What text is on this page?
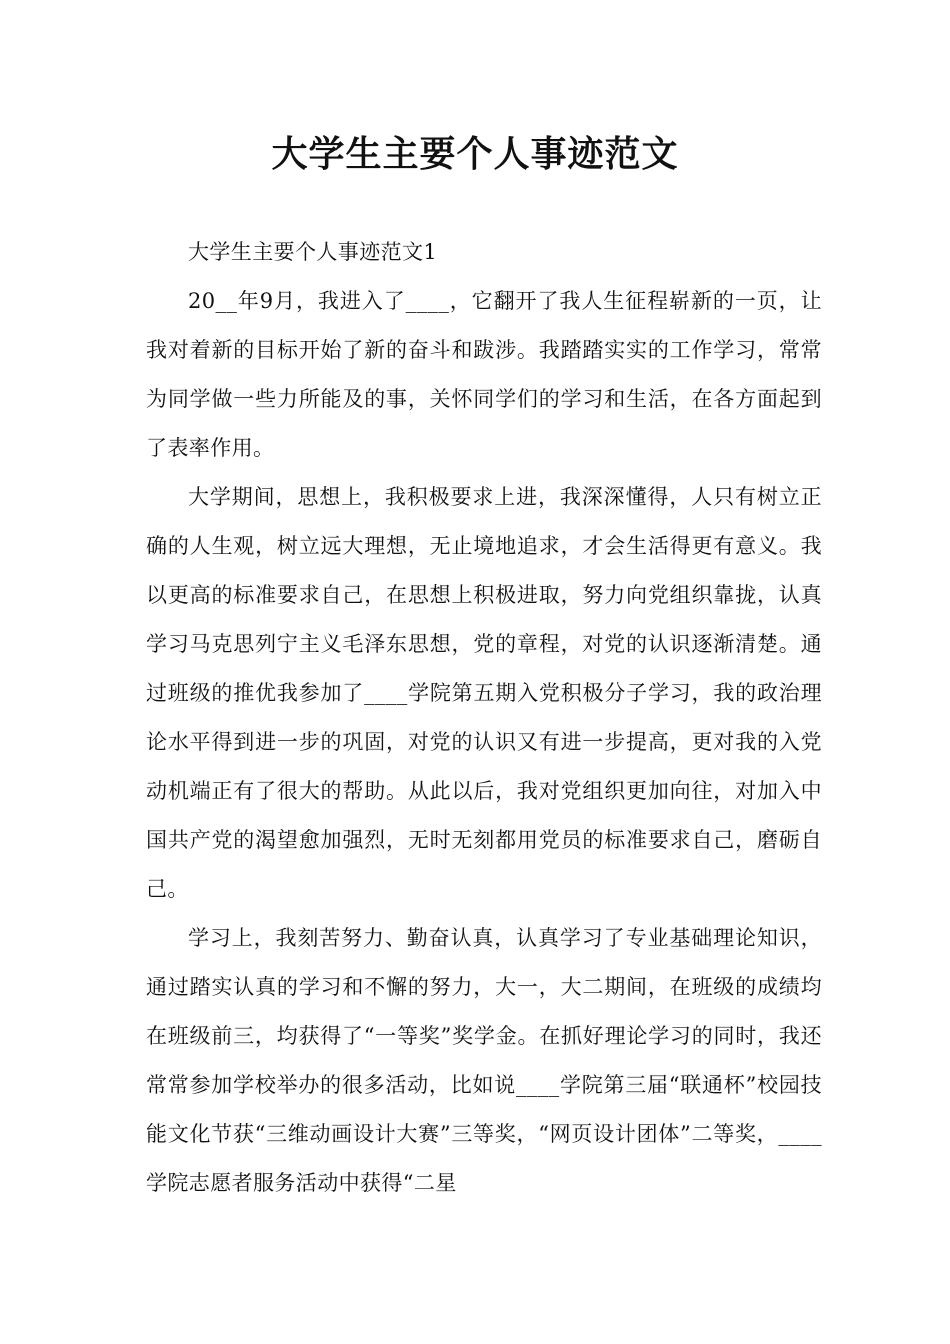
大学生主要个人事迹范文

大学生主要个人事迹范文1

20__年9月，我进入了____，它翻开了我人生征程崭新的一页，让我对着新的目标开始了新的奋斗和跋涉。我踏踏实实的工作学习，常常为同学做一些力所能及的事，关怀同学们的学习和生活，在各方面起到了表率作用。

大学期间，思想上，我积极要求上进，我深深懂得，人只有树立正确的人生观，树立远大理想，无止境地追求，才会生活得更有意义。我以更高的标准要求自己，在思想上积极进取，努力向党组织靠拢，认真学习马克思列宁主义毛泽东思想，党的章程，对党的认识逐渐清楚。通过班级的推优我参加了____学院第五期入党积极分子学习，我的政治理论水平得到进一步的巩固，对党的认识又有进一步提高，更对我的入党动机端正有了很大的帮助。从此以后，我对党组织更加向往，对加入中国共产党的渴望愈加强烈，无时无刻都用党员的标准要求自己，磨砺自己。

学习上，我刻苦努力、勤奋认真，认真学习了专业基础理论知识，通过踏实认真的学习和不懈的努力，大一，大二期间，在班级的成绩均在班级前三，均获得了“一等奖”奖学金。在抓好理论学习的同时，我还常常参加学校举办的很多活动，比如说____学院第三届“联通杯”校园技能文化节获“三维动画设计大赛”三等奖，“网页设计团体”二等奖，____学院志愿者服务活动中获得“二星
